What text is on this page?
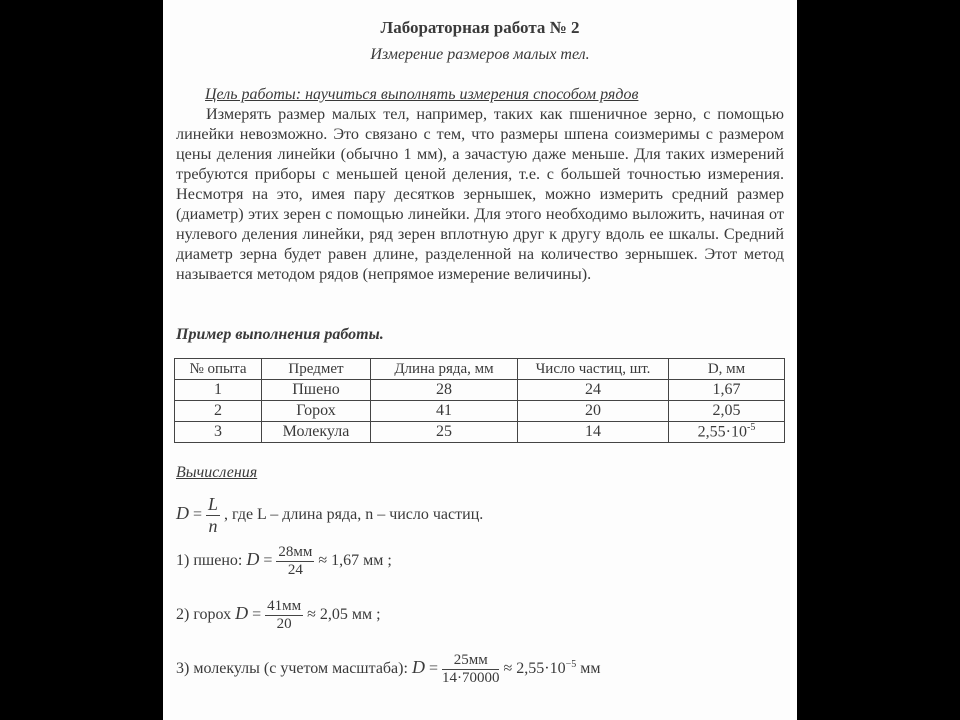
Лабораторная работа № 2
Измерение размеров малых тел.
Цель работы: научиться выполнять измерения способом рядов
Измерять размер малых тел, например, таких как пшеничное зерно, с помощью линейки невозможно. Это связано с тем, что размеры шпена соизмеримы с размером цены деления линейки (обычно 1 мм), а зачастую даже меньше. Для таких измерений требуются приборы с меньшей ценой деления, т.е. с большей точностью измерения. Несмотря на это, имея пару десятков зернышек, можно измерить средний размер (диаметр) этих зерен с помощью линейки. Для этого необходимо выложить, начиная от нулевого деления линейки, ряд зерен вплотную друг к другу вдоль ее шкалы. Средний диаметр зерна будет равен длине, разделенной на количество зернышек. Этот метод называется методом рядов (непрямое измерение величины).
Пример выполнения работы.
№ опыта	Предмет	Длина ряда, мм	Число частиц, шт.	D, мм
1	Пшено	28	24	1,67
2	Горох	41	20	2,05
3	Молекула	25	14	$2,55\cdot 10^{-5}$
Вычисления
$D = \frac{L}{n}$ , где L – длина ряда, n – число частиц.
1) пшено: $D = \frac{28мм}{24} \approx 1,67$ мм ;
2) горох $D = \frac{41мм}{20} \approx 2,05$ мм ;
3) молекулы (с учетом масштаба): $D = \frac{25мм}{14\cdot 70000} \approx 2,55\cdot 10^{-5}$ мм
